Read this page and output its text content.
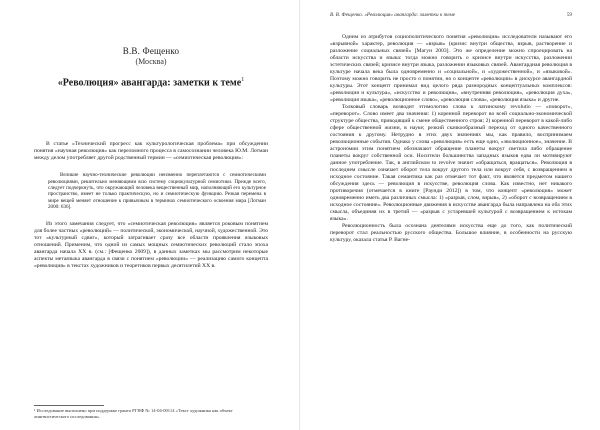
В.В. Фещенко
(Москва)
«Революция» авангарда: заметки к теме$^1$

В статье «Технический прогресс как культурологическая проблема» при обсуждении понятия «научная революция» как переломного процесса в самосознании человека Ю.М. Лотман между делом употребляет другой родственный термин — «семиотическая революция»:

Великие научно-технические революции неизменно переплетаются с семиотическими революциями, решительно меняющими всю систему социокультурной семиотики. Прежде всего, следует подчеркнуть, что окружающий человека вещественный мир, наполняющий его культурное пространство, имеет не только практическую, но и семиотическую функцию. Резкая перемена в мире вещей меняет отношение к привычным в терминах семиотического освоения мира [Лотман 2000: 636].

Из этого замечания следует, что «семиотическая революция» является роковым понятием для более частных «революций» — политической, экономической, научной, художественной. Это тот «культурный сдвиг», который затрагивает сразу все области проявления языковых отношений. Применим, что одной из самых мощных семиотических революций стало эпоха авангарда начала XX в. (см.: [Фещенко 2009]), в данных заметках мы рассмотрим некоторые аспекты метаязыка авангарда в связи с понятием «революции» — реализацию самого концепта «революция» в текстах художников и теоретиков первых десятилетий XX в.

¹ Исследование выполнено при поддержке гранта РГНФ № 14-04-00114 «Текст художника как объект лингвистического исследования».
В. В. Фещенко. «Революция» авангарда: заметки к теме	59

Одним из атрибутов социополитического понятия «революция» исследователи называют его «взрывной» характер, революция — «взрыв» (кризис внутри общества, взрыв, растворение и разложение социальных связей» [Магун 2003]. Это же определение можно спроецировать на области искусства и языка: тогда можно говорить о кризисе внутри искусства, разложении эстетических связей; кризисе внутри языка, разложении языковых связей. Авангардная революция в культуре начала века была одновременно и «социальной», и «художественной», и «языковой». Поэтому можно говорить не просто о понятии, но о концепте «революции» в дискурсе авангардной культуры. Этот концепт принимал вид целого ряда разнородных концептуальных комплексов: «революция и культура», «искусство и революция», «внутренняя революция», «революция духа», «революция языка», «революционное слово», «революция слова», «революция языка» и другие.

Толковый словарь возводит этимологию слова к латинскому revolutio — «поворот», «переворот». Слово имеет два значения: 1) коренной переворот во всей социально-экономической структуре общества, приводящий к смене общественного строя; 2) коренной переворот в какой-либо сфере общественной жизни, в науке; резкий скачкообразный переход от одного качественного состояния к другому. Нетрудно в этих двух значениях мы, как правило, воспринимаем революционные события. Однако у слова «революция» есть еще одно, «эволюционное», значение. В астрономии этим понятием обозначают обращение планеты вокруг светила либо обращение планеты вокруг собственной оси. Носители большинства западных языков едва ли мотивируют данное употребление. Так, в английском to revolve значит «обращаться, вращаться». Революция в последнем смысле означает оборот тела вокруг другого тела или вокруг себя, с возвращением в исходное состояние. Такая семантика как раз отмечает тот факт, что является предметом нашего обсуждения здесь — революция в искусстве, революция слова. Как известно, нет никакого противоречия (отмечается в книге [Раунди 2012]) в том, что концепт «революция» может одновременно иметь два различных смысла: 1) «разрыв, слом, взрыв», 2) «оборот с возвращением в исходное состояние». Революционные движения в искусстве авангарда была направлена на оба этих смысла, объединяя их в третий — «разрыв с устаревшей культурой с возвращением к истокам языка».

Революционность была осознана деятелями искусства еще до того, как политический переворот стал реальностью русского общества. Большое влияние, в особенности на русскую культуру, оказала статья Р. Вагне-
